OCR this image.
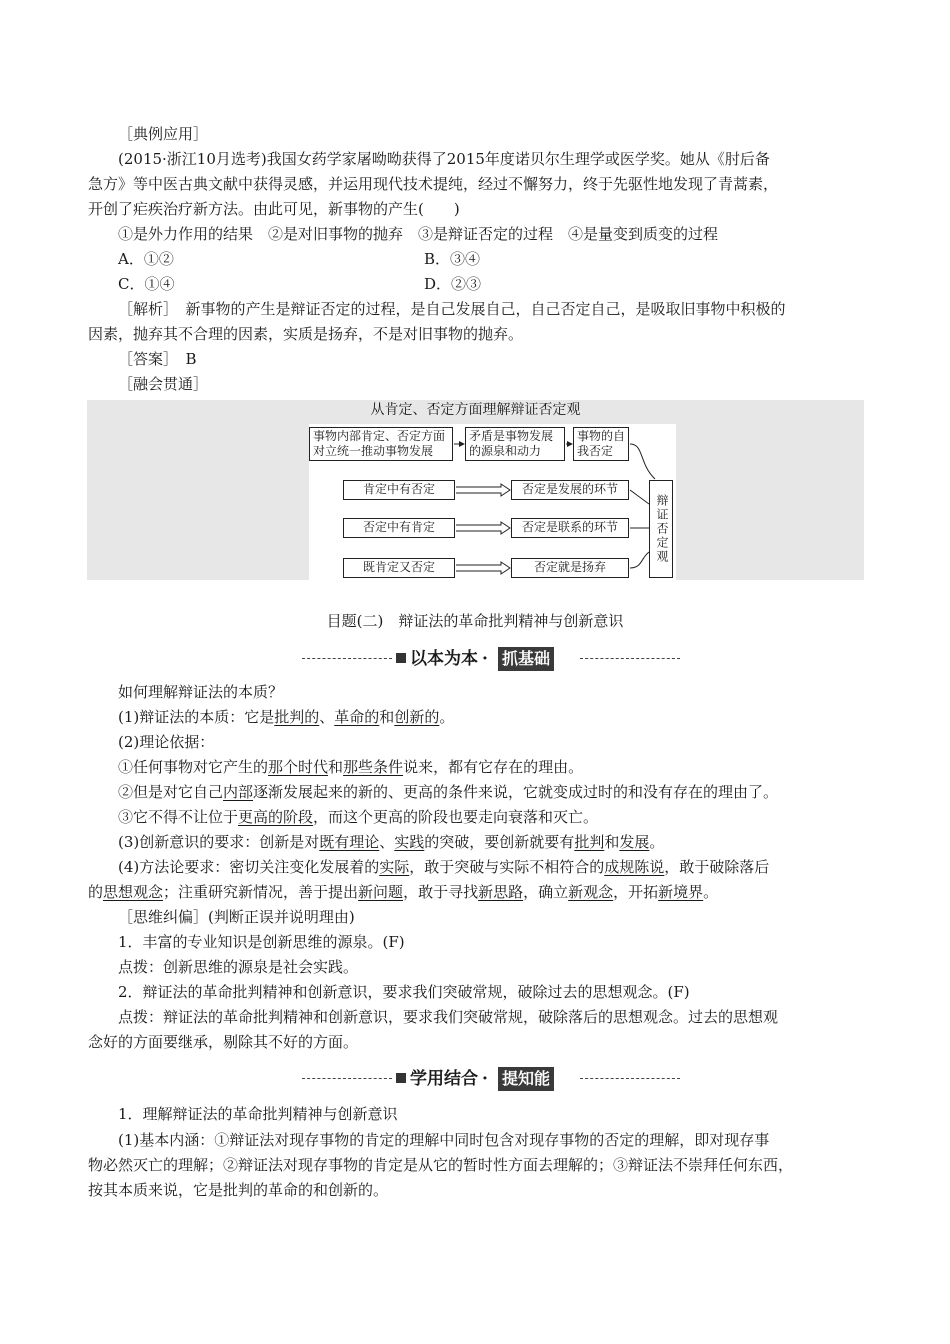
［典例应用］
(2015·浙江10月选考)我国女药学家屠呦呦获得了2015年度诺贝尔生理学或医学奖。她从《肘后备
急方》等中医古典文献中获得灵感，并运用现代技术提纯，经过不懈努力，终于先驱性地发现了青蒿素，
开创了疟疾治疗新方法。由此可见，新事物的产生(　　)
①是外力作用的结果　②是对旧事物的抛弃　③是辩证否定的过程　④是量变到质变的过程
A．①②	B．③④
C．①④	D．②③
［解析］　新事物的产生是辩证否定的过程，是自己发展自己，自己否定自己，是吸取旧事物中积极的
因素，抛弃其不合理的因素，实质是扬弃，不是对旧事物的抛弃。
［答案］　B
［融会贯通］
从肯定、否定方面理解辩证否定观
事物内部肯定、否定方面对立统一推动事物发展
矛盾是事物发展的源泉和动力
事物的自我否定
肯定中有否定	否定是发展的环节
否定中有肯定	否定是联系的环节
既肯定又否定	否定就是扬弃
辩证否定观
目题(二)　辩证法的革命批判精神与创新意识
以本为本 · 抓基础
如何理解辩证法的本质？
(1)辩证法的本质：它是批判的、革命的和创新的。
(2)理论依据：
①任何事物对它产生的那个时代和那些条件说来，都有它存在的理由。
②但是对它自己内部逐渐发展起来的新的、更高的条件来说，它就变成过时的和没有存在的理由了。
③它不得不让位于更高的阶段，而这个更高的阶段也要走向衰落和灭亡。
(3)创新意识的要求：创新是对既有理论、实践的突破，要创新就要有批判和发展。
(4)方法论要求：密切关注变化发展着的实际，敢于突破与实际不相符合的成规陈说，敢于破除落后
的思想观念；注重研究新情况，善于提出新问题，敢于寻找新思路，确立新观念，开拓新境界。
［思维纠偏］(判断正误并说明理由)
1．丰富的专业知识是创新思维的源泉。(F)
点拨：创新思维的源泉是社会实践。
2．辩证法的革命批判精神和创新意识，要求我们突破常规，破除过去的思想观念。(F)
点拨：辩证法的革命批判精神和创新意识，要求我们突破常规，破除落后的思想观念。过去的思想观
念好的方面要继承，剔除其不好的方面。
学用结合 · 提知能
1．理解辩证法的革命批判精神与创新意识
(1)基本内涵：①辩证法对现存事物的肯定的理解中同时包含对现存事物的否定的理解，即对现存事
物必然灭亡的理解；②辩证法对现存事物的肯定是从它的暂时性方面去理解的；③辩证法不崇拜任何东西，
按其本质来说，它是批判的革命的和创新的。
